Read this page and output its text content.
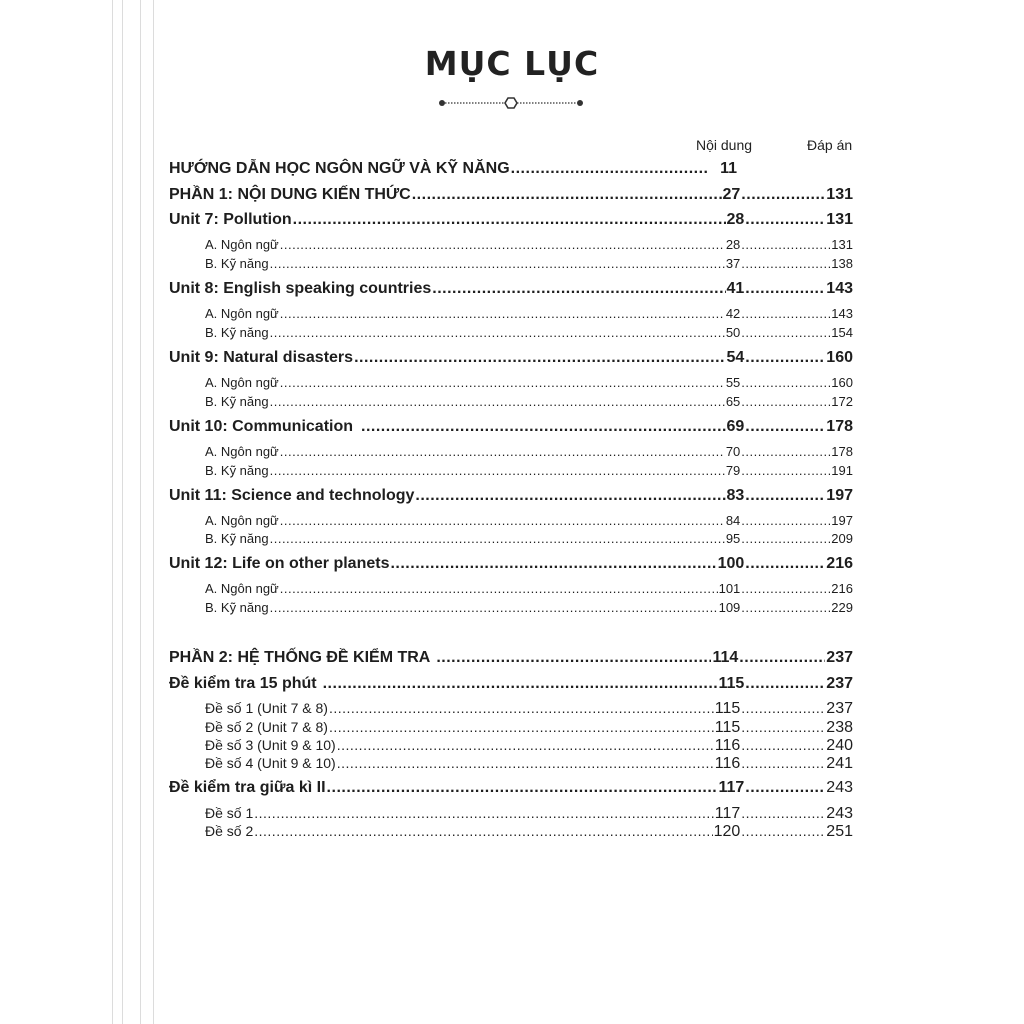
MỤC LỤC
Nội dung	Đáp án
HƯỚNG DẪN HỌC NGÔN NGỮ VÀ KỸ NĂNG .....	11
PHẦN 1: NỘI DUNG KIẾN THỨC .....	27 .....	131
Unit 7: Pollution .....	28 .....	131
A. Ngôn ngữ .....	28 .....	131
B. Kỹ năng .....	37 .....	138
Unit 8: English speaking countries .....	41 .....	143
A. Ngôn ngữ .....	42 .....	143
B. Kỹ năng .....	50 .....	154
Unit 9: Natural disasters .....	54 .....	160
A. Ngôn ngữ .....	55 .....	160
B. Kỹ năng .....	65 .....	172
Unit 10: Communication .....	69 .....	178
A. Ngôn ngữ .....	70 .....	178
B. Kỹ năng .....	79 .....	191
Unit 11: Science and technology .....	83 .....	197
A. Ngôn ngữ .....	84 .....	197
B. Kỹ năng .....	95 .....	209
Unit 12: Life on other planets .....	100 .....	216
A. Ngôn ngữ .....	101 .....	216
B. Kỹ năng .....	109 .....	229
PHẦN 2: HỆ THỐNG ĐỀ KIỂM TRA .....	114 .....	237
Đề kiểm tra 15 phút .....	115 .....	237
Đề số 1 (Unit 7 & 8) .....	115 .....	237
Đề số 2 (Unit 7 & 8) .....	115 .....	238
Đề số 3 (Unit 9 & 10) .....	116 .....	240
Đề số 4 (Unit 9 & 10) .....	116 .....	241
Đề kiểm tra giữa kì II .....	117 .....	243
Đề số 1 .....	117 .....	243
Đề số 2 .....	120 .....	251
